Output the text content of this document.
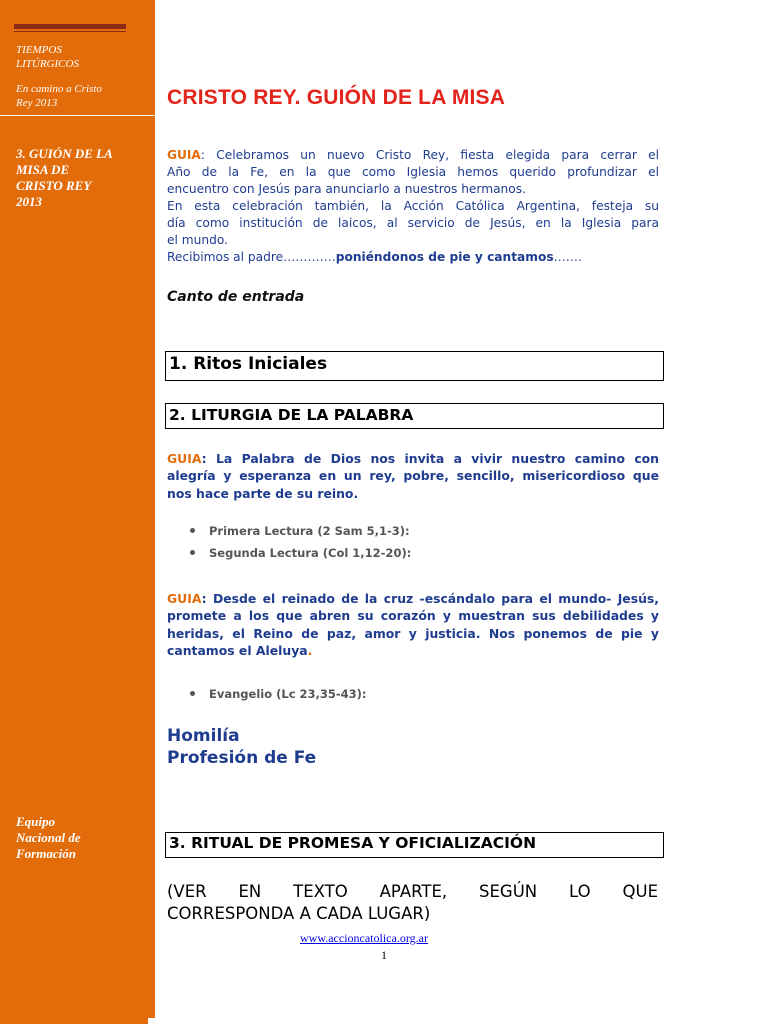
TIEMPOS
LITÚRGICOS
En camino a Cristo
Rey 2013
3. GUIÓN DE LA
MISA DE
CRISTO REY
2013
Equipo
Nacional de
Formación
CRISTO REY. GUIÓN DE LA MISA
GUIA: Celebramos un nuevo Cristo Rey, fiesta elegida para cerrar el
Año de la Fe, en la que como Iglesia hemos querido profundizar el
encuentro con Jesús para anunciarlo a nuestros hermanos.
En esta celebración también, la Acción Católica Argentina, festeja su
día como institución de laicos, al servicio de Jesús, en la Iglesia para
el mundo.
Recibimos al padre………….poniéndonos de pie y cantamos…….
Canto de entrada
1. Ritos Iniciales
2. LITURGIA DE LA PALABRA
GUIA: La Palabra de Dios nos invita a vivir nuestro camino con
alegría y esperanza en un rey, pobre, sencillo, misericordioso que
nos hace parte de su reino.
Primera Lectura (2 Sam 5,1-3):
Segunda Lectura (Col 1,12-20):
GUIA: Desde el reinado de la cruz -escándalo para el mundo- Jesús,
promete a los que abren su corazón y muestran sus debilidades y
heridas, el Reino de paz, amor y justicia. Nos ponemos de pie y
cantamos el Aleluya.
Evangelio (Lc 23,35-43):
Homilía
Profesión de Fe
3. RITUAL DE PROMESA Y OFICIALIZACIÓN
(VER EN TEXTO APARTE, SEGÚN LO QUE
CORRESPONDA A CADA LUGAR)
www.accioncatolica.org.ar
1
